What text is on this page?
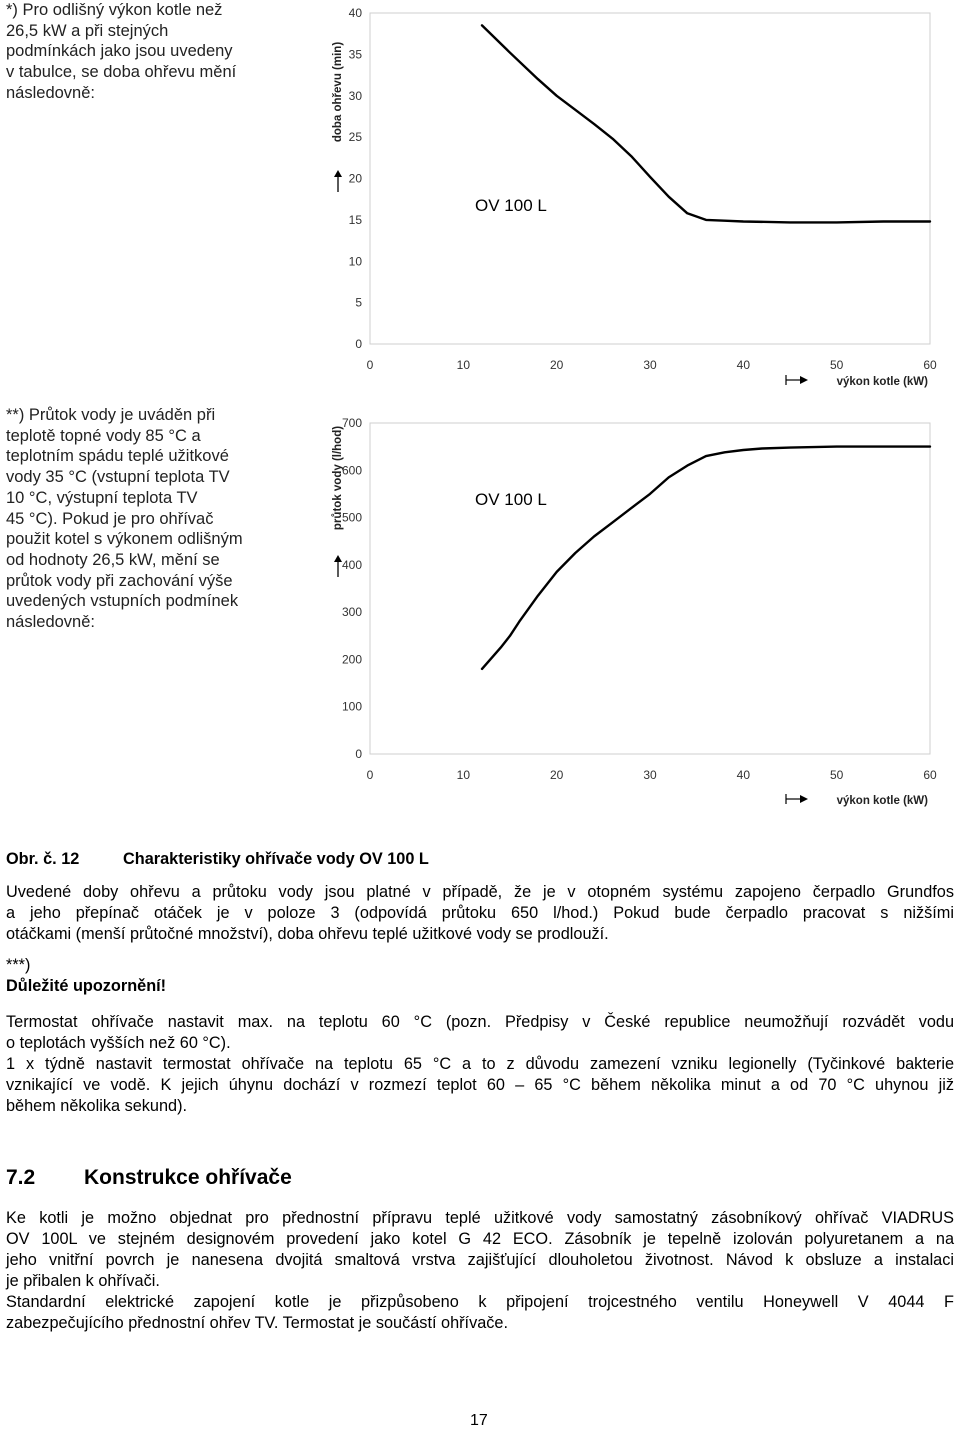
*) Pro odlišný výkon kotle než
26,5 kW a při stejných
podmínkách jako jsou uvedeny
v tabulce, se doba ohřevu mění
následovně:
**) Průtok vody je uváděn při
teplotě topné vody 85 °C a
teplotním spádu teplé užitkové
vody 35 °C (vstupní teplota TV
10 °C, výstupní teplota TV
45 °C). Pokud je pro ohřívač
použit kotel s výkonem odlišným
od hodnoty 26,5 kW, mění se
průtok vody při zachování výše
uvedených vstupních podmínek
následovně:
0
5
10
15
20
25
30
35
40
0	10	20	30	40	50	60
doba ohřevu (min)
výkon kotle (kW)
OV 100 L
0
100
200
300
400
500
600
700
0	10	20	30	40	50	60
průtok vody (l/hod)
výkon kotle (kW)
OV 100 L
Obr. č. 12	Charakteristiky ohřívače vody OV 100 L
Uvedené doby ohřevu a průtoku vody jsou platné v případě, že je v otopném systému zapojeno čerpadlo Grundfos
a jeho přepínač otáček je v poloze 3 (odpovídá průtoku 650 l/hod.) Pokud bude čerpadlo pracovat s nižšími
otáčkami (menší průtočné množství), doba ohřevu teplé užitkové vody se prodlouží.
***)
Důležité upozornění!
Termostat ohřívače nastavit max. na teplotu 60 °C (pozn. Předpisy v České republice neumožňují rozvádět vodu
o teplotách vyšších než 60 °C).
1 x týdně nastavit termostat ohřívače na teplotu 65 °C a to z důvodu zamezení vzniku legionelly (Tyčinkové bakterie
vznikající ve vodě. K jejich úhynu dochází v rozmezí teplot 60 – 65 °C během několika minut a od 70 °C uhynou již
během několika sekund).
7.2 Konstrukce ohřívače
Ke kotli je možno objednat pro přednostní přípravu teplé užitkové vody samostatný zásobníkový ohřívač VIADRUS
OV 100L ve stejném designovém provedení jako kotel G 42 ECO. Zásobník je tepelně izolován polyuretanem a na
jeho vnitřní povrch je nanesena dvojitá smaltová vrstva zajišťující dlouholetou životnost. Návod k obsluze a instalaci
je přibalen k ohřívači.
Standardní elektrické zapojení kotle je přizpůsobeno k připojení trojcestného ventilu Honeywell V 4044 F
zabezpečujícího přednostní ohřev TV. Termostat je součástí ohřívače.
17
